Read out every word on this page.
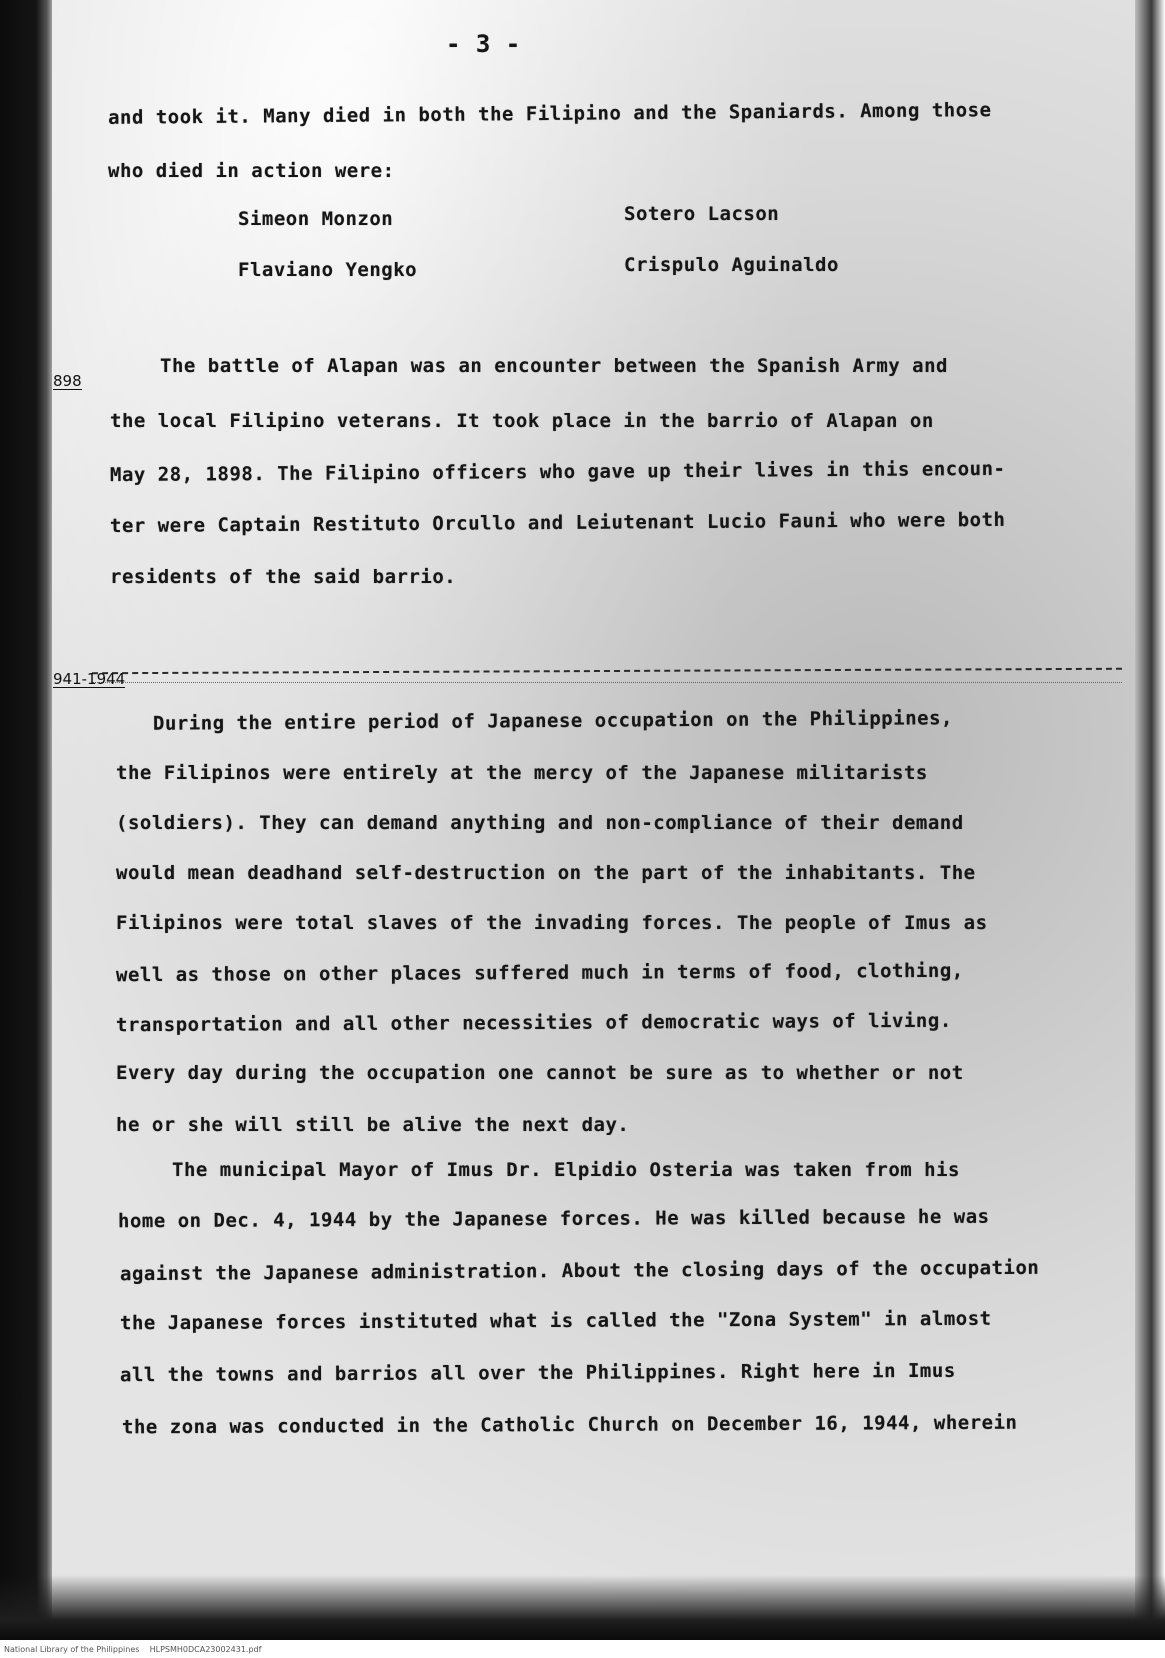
- 3 -
and took it. Many died in both the Filipino and the Spaniards. Among those
who died in action were:
Simeon Monzon	Sotero Lacson
Flaviano Yengko	Crispulo Aguinaldo
898
The battle of Alapan was an encounter between the Spanish Army and
the local Filipino veterans. It took place in the barrio of Alapan on
May 28, 1898. The Filipino officers who gave up their lives in this encoun-
ter were Captain Restituto Orcullo and Leiutenant Lucio Fauni who were both
residents of the said barrio.
941-1944
During the entire period of Japanese occupation on the Philippines,
the Filipinos were entirely at the mercy of the Japanese militarists
(soldiers). They can demand anything and non-compliance of their demand
would mean deadhand self-destruction on the part of the inhabitants. The
Filipinos were total slaves of the invading forces. The people of Imus as
well as those on other places suffered much in terms of food, clothing,
transportation and all other necessities of democratic ways of living.
Every day during the occupation one cannot be sure as to whether or not
he or she will still be alive the next day.
The municipal Mayor of Imus Dr. Elpidio Osteria was taken from his
home on Dec. 4, 1944 by the Japanese forces. He was killed because he was
against the Japanese administration. About the closing days of the occupation
the Japanese forces instituted what is called the "Zona System" in almost
all the towns and barrios all over the Philippines. Right here in Imus
the zona was conducted in the Catholic Church on December 16, 1944, wherein
National Library of the Philippines    HLPSMH0DCA23002431.pdf
